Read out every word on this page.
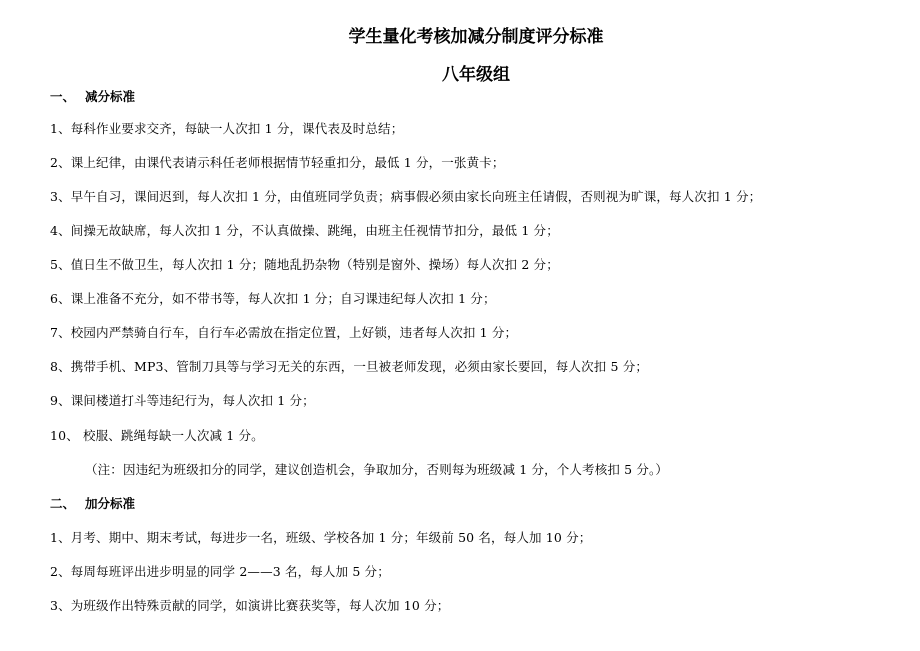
学生量化考核加减分制度评分标准
八年级组
一、 减分标准
1、每科作业要求交齐，每缺一人次扣 1 分，课代表及时总结；
2、课上纪律，由课代表请示科任老师根据情节轻重扣分，最低 1 分，一张黄卡；
3、早午自习，课间迟到，每人次扣 1 分，由值班同学负责；病事假必须由家长向班主任请假，否则视为旷课，每人次扣 1 分；
4、间操无故缺席，每人次扣 1 分，不认真做操、跳绳，由班主任视情节扣分，最低 1 分；
5、值日生不做卫生，每人次扣 1 分；随地乱扔杂物（特别是窗外、操场）每人次扣 2 分；
6、课上准备不充分，如不带书等，每人次扣 1 分；自习课违纪每人次扣 1 分；
7、校园内严禁骑自行车，自行车必需放在指定位置，上好锁，违者每人次扣 1 分；
8、携带手机、MP3、管制刀具等与学习无关的东西，一旦被老师发现，必须由家长要回，每人次扣 5 分；
9、课间楼道打斗等违纪行为，每人次扣 1 分；
10、 校服、跳绳每缺一人次减 1 分。
（注：因违纪为班级扣分的同学，建议创造机会，争取加分，否则每为班级减 1 分，个人考核扣 5 分。）
二、 加分标准
1、月考、期中、期末考试，每进步一名，班级、学校各加 1 分；年级前 50 名，每人加 10 分；
2、每周每班评出进步明显的同学 2——3 名，每人加 5 分；
3、为班级作出特殊贡献的同学，如演讲比赛获奖等，每人次加 10 分；
